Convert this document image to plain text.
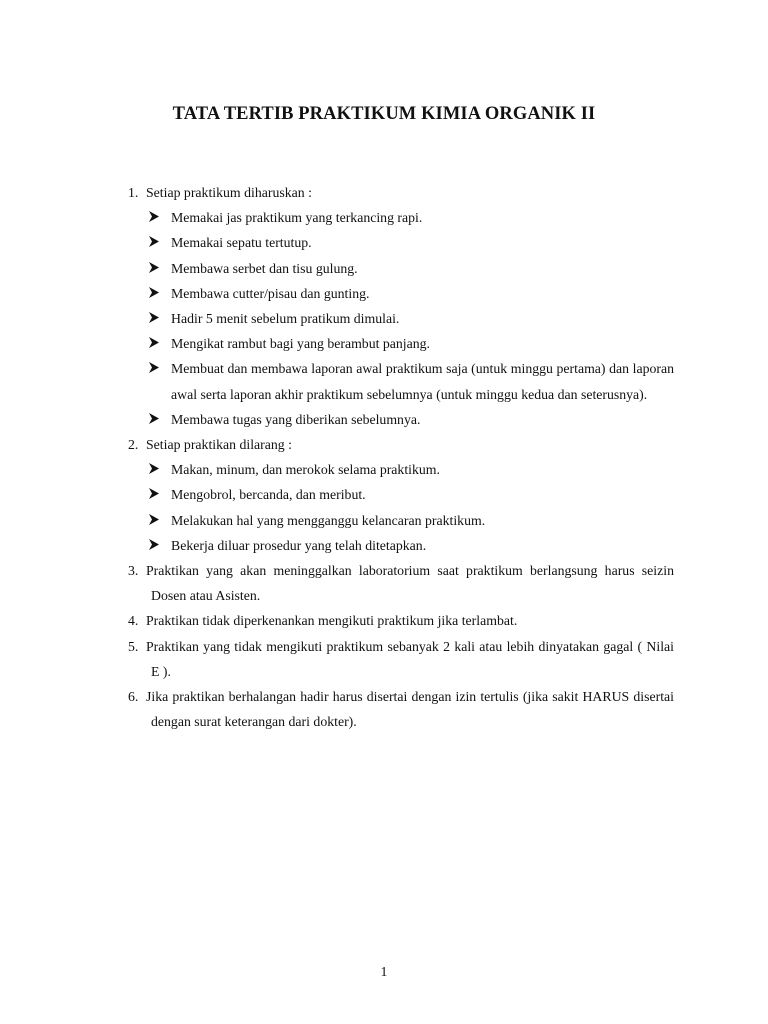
TATA TERTIB PRAKTIKUM KIMIA ORGANIK II
1. Setiap praktikum diharuskan :
Memakai jas praktikum yang terkancing rapi.
Memakai sepatu tertutup.
Membawa serbet dan tisu gulung.
Membawa cutter/pisau dan gunting.
Hadir 5 menit sebelum pratikum dimulai.
Mengikat rambut bagi yang berambut panjang.
Membuat dan membawa laporan awal praktikum saja (untuk minggu pertama) dan laporan awal serta laporan akhir praktikum sebelumnya (untuk minggu kedua dan seterusnya).
Membawa tugas yang diberikan sebelumnya.
2. Setiap praktikan dilarang :
Makan, minum, dan merokok selama praktikum.
Mengobrol, bercanda, dan meribut.
Melakukan hal yang mengganggu kelancaran praktikum.
Bekerja diluar prosedur yang telah ditetapkan.
3. Praktikan yang akan meninggalkan laboratorium saat praktikum berlangsung harus seizin Dosen atau Asisten.
4. Praktikan tidak diperkenankan mengikuti praktikum jika terlambat.
5. Praktikan yang tidak mengikuti praktikum sebanyak 2 kali atau lebih dinyatakan gagal ( Nilai E ).
6. Jika praktikan berhalangan hadir harus disertai dengan izin tertulis (jika sakit HARUS disertai dengan surat keterangan dari dokter).
1
